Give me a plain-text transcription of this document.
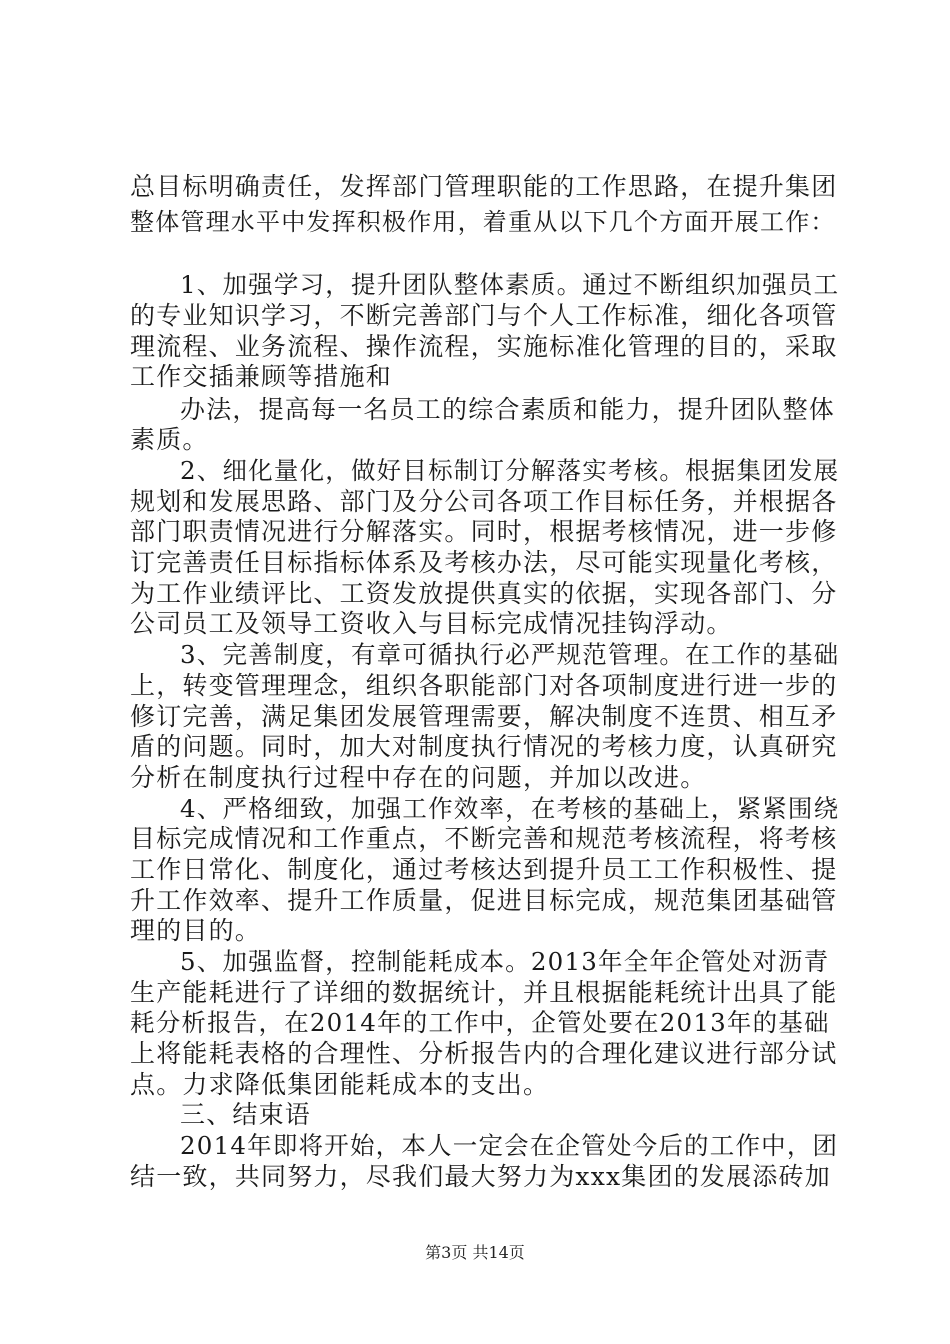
总目标明确责任，发挥部门管理职能的工作思路，在提升集团
整体管理水平中发挥积极作用，着重从以下几个方面开展工作：
1、加强学习，提升团队整体素质。通过不断组织加强员工
的专业知识学习，不断完善部门与个人工作标准，细化各项管
理流程、业务流程、操作流程，实施标准化管理的目的，采取
工作交插兼顾等措施和
办法，提高每一名员工的综合素质和能力，提升团队整体
素质。
2、细化量化，做好目标制订分解落实考核。根据集团发展
规划和发展思路、部门及分公司各项工作目标任务，并根据各
部门职责情况进行分解落实。同时，根据考核情况，进一步修
订完善责任目标指标体系及考核办法，尽可能实现量化考核，
为工作业绩评比、工资发放提供真实的依据，实现各部门、分
公司员工及领导工资收入与目标完成情况挂钩浮动。
3、完善制度，有章可循执行必严规范管理。在工作的基础
上，转变管理理念，组织各职能部门对各项制度进行进一步的
修订完善，满足集团发展管理需要，解决制度不连贯、相互矛
盾的问题。同时，加大对制度执行情况的考核力度，认真研究
分析在制度执行过程中存在的问题，并加以改进。
4、严格细致，加强工作效率，在考核的基础上，紧紧围绕
目标完成情况和工作重点，不断完善和规范考核流程，将考核
工作日常化、制度化，通过考核达到提升员工工作积极性、提
升工作效率、提升工作质量，促进目标完成，规范集团基础管
理的目的。
5、加强监督，控制能耗成本。2013年全年企管处对沥青
生产能耗进行了详细的数据统计，并且根据能耗统计出具了能
耗分析报告，在2014年的工作中，企管处要在2013年的基础
上将能耗表格的合理性、分析报告内的合理化建议进行部分试
点。力求降低集团能耗成本的支出。
三、结束语
2014年即将开始，本人一定会在企管处今后的工作中，团
结一致，共同努力，尽我们最大努力为xxx集团的发展添砖加
第3页 共14页
